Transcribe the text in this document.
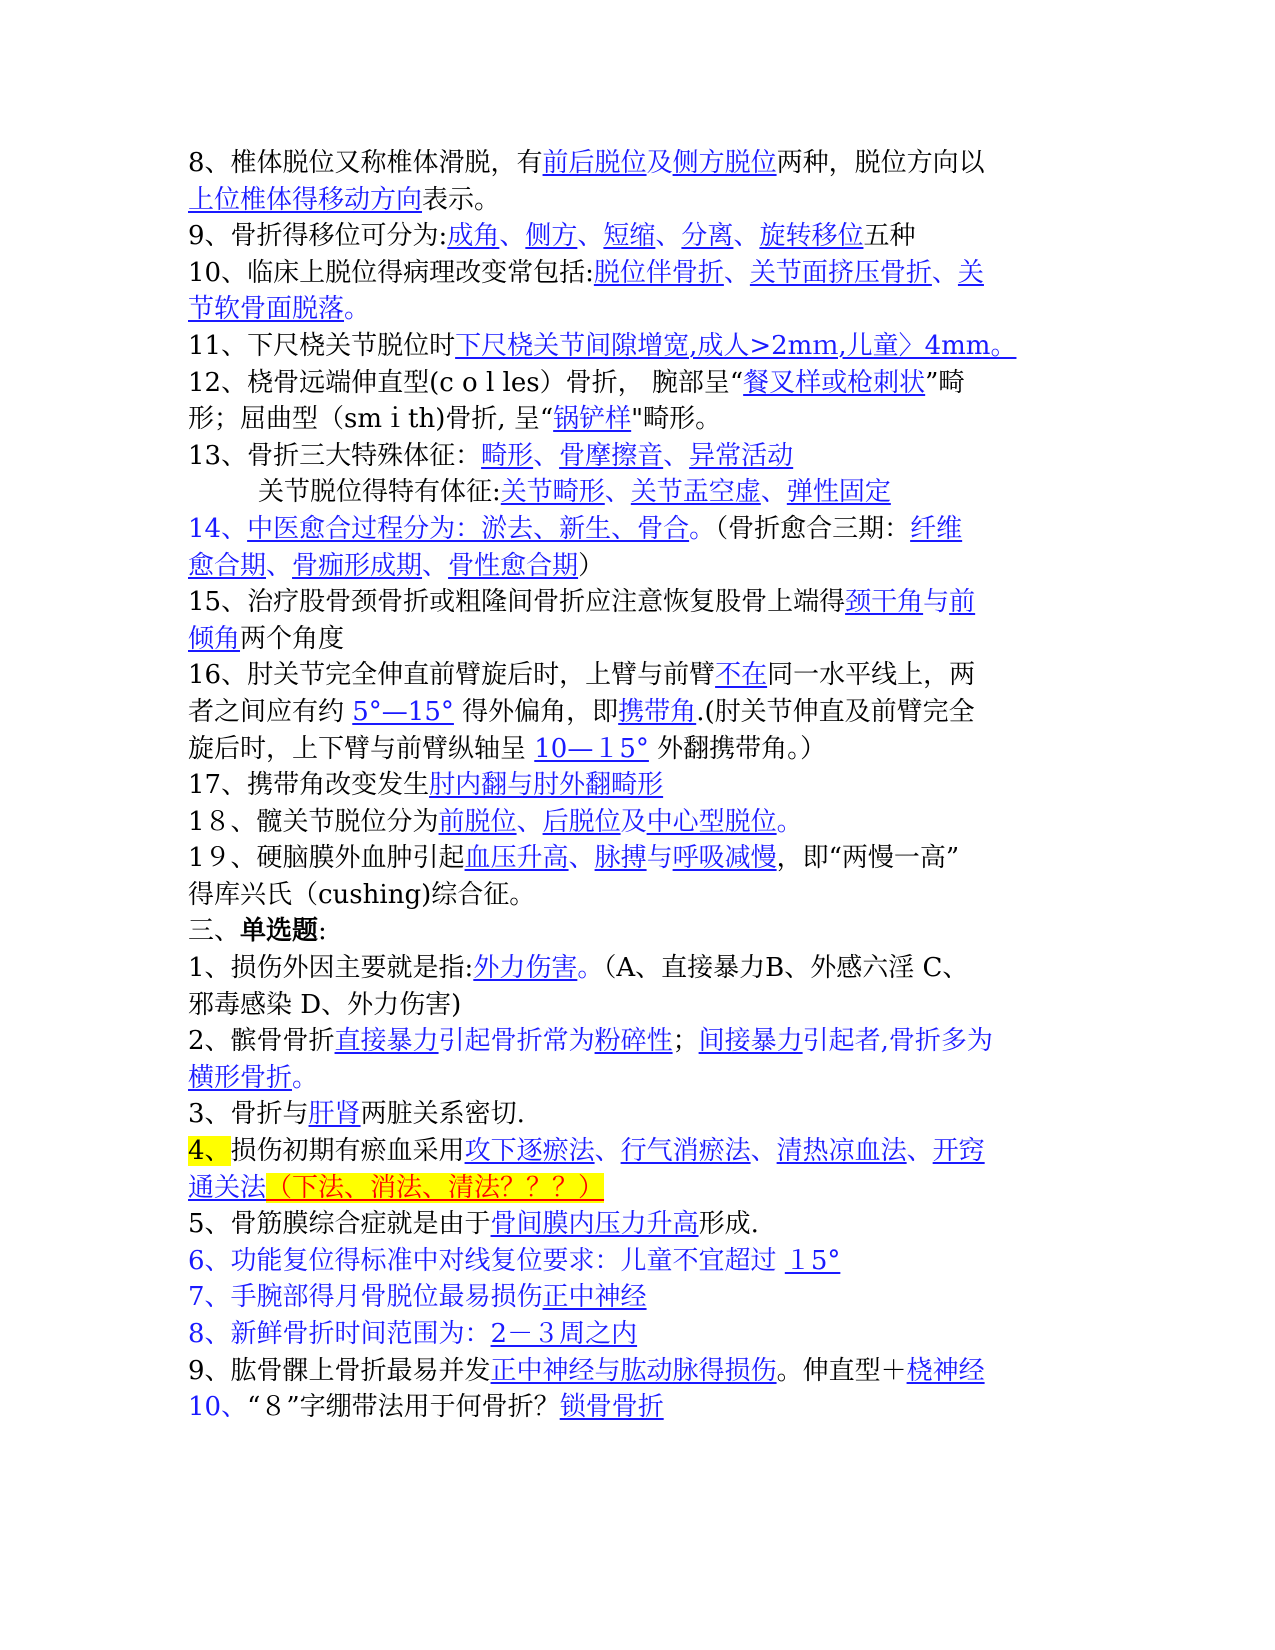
8、椎体脱位又称椎体滑脱，有前后脱位及侧方脱位两种，脱位方向以
上位椎体得移动方向表示。
9、骨折得移位可分为:成角、侧方、短缩、分离、旋转移位五种
10、临床上脱位得病理改变常包括:脱位伴骨折、关节面挤压骨折、关
节软骨面脱落。
11、下尺桡关节脱位时下尺桡关节间隙增宽,成人>2mｍ,儿童〉4mm。
12、桡骨远端伸直型(c o l les）骨折， 腕部呈“餐叉样或枪刺状”畸
形；屈曲型（smｉth)骨折, 呈“锅铲样"畸形。
13、骨折三大特殊体征：畸形、骨摩擦音、异常活动
关节脱位得特有体征:关节畸形、关节盂空虚、弹性固定
14、中医愈合过程分为：淤去、新生、骨合。（骨折愈合三期：纤维
愈合期、骨痂形成期、骨性愈合期）
15、治疗股骨颈骨折或粗隆间骨折应注意恢复股骨上端得颈干角与前
倾角两个角度
16、肘关节完全伸直前臂旋后时，上臂与前臂不在同一水平线上，两
者之间应有约 5°—15° 得外偏角，即携带角.(肘关节伸直及前臂完全
旋后时，上下臂与前臂纵轴呈 10—１5° 外翻携带角。）
17、携带角改变发生肘内翻与肘外翻畸形
1８、髋关节脱位分为前脱位、后脱位及中心型脱位。
1９、硬脑膜外血肿引起血压升高、脉搏与呼吸减慢，即“两慢一高”
得库兴氏（cushing)综合征。
三、单选题:
1、损伤外因主要就是指:外力伤害。（A、直接暴力B、外感六淫 C、
邪毒感染 D、外力伤害)
2、髌骨骨折直接暴力引起骨折常为粉碎性；间接暴力引起者,骨折多为
横形骨折。
3、骨折与肝肾两脏关系密切.
4、损伤初期有瘀血采用攻下逐瘀法、行气消瘀法、清热凉血法、开窍
通关法（下法、消法、清法？？？）
5、骨筋膜综合症就是由于骨间膜内压力升高形成.
6、功能复位得标准中对线复位要求：儿童不宜超过 １5°
7、手腕部得月骨脱位最易损伤正中神经
8、新鲜骨折时间范围为：2－３周之内
9、肱骨髁上骨折最易并发正中神经与肱动脉得损伤。伸直型＋桡神经
10、“８”字绷带法用于何骨折？锁骨骨折
